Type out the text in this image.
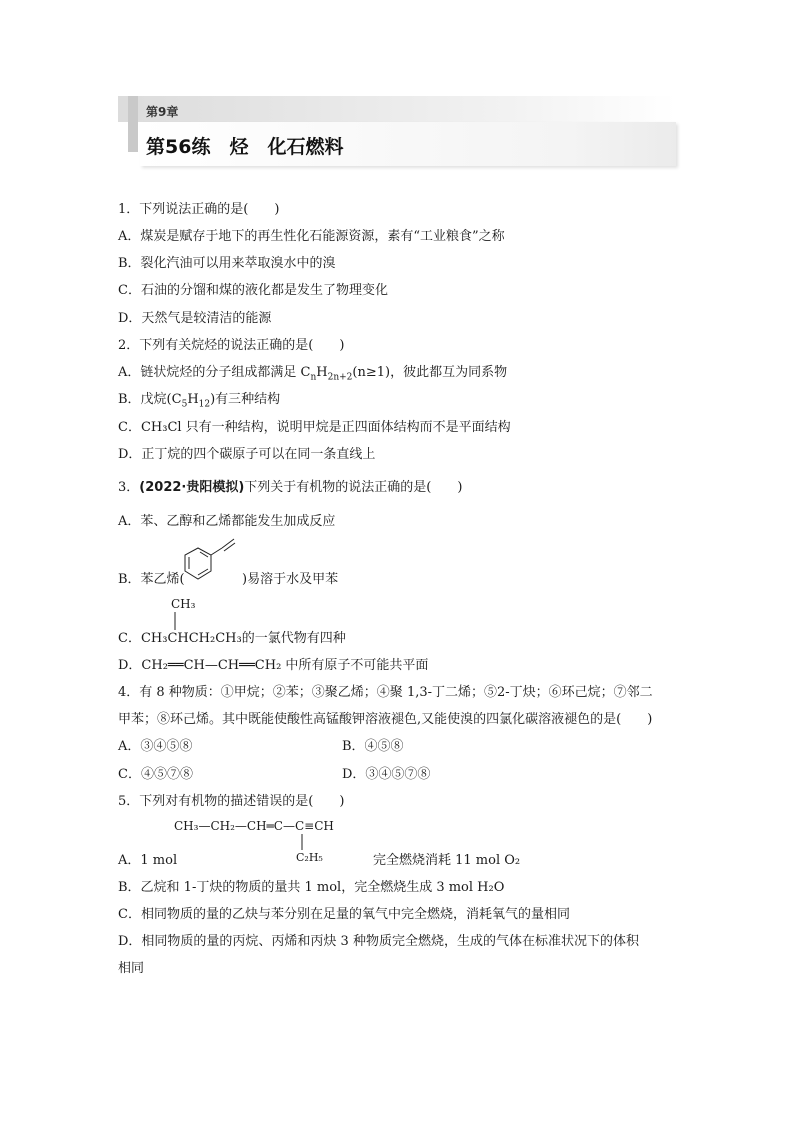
第9章
第56练　烃　化石燃料
1．下列说法正确的是(　　)
A．煤炭是赋存于地下的再生性化石能源资源，素有“工业粮食”之称
B．裂化汽油可以用来萃取溴水中的溴
C．石油的分馏和煤的液化都是发生了物理变化
D．天然气是较清洁的能源
2．下列有关烷烃的说法正确的是(　　)
A．链状烷烃的分子组成都满足 $C_nH_{2n+2}(n\ge 1)$，彼此都互为同系物
B．戊烷$(C_5H_{12})$有三种结构
C．CH₃Cl 只有一种结构，说明甲烷是正四面体结构而不是平面结构
D．正丁烷的四个碳原子可以在同一条直线上
3．(2022·贵阳模拟)下列关于有机物的说法正确的是(　　)
A．苯、乙醇和乙烯都能发生加成反应
B．苯乙烯(	)易溶于水及甲苯
CH₃
C．CH₃CHCH₂CH₃的一氯代物有四种
D．CH₂══CH—CH══CH₂ 中所有原子不可能共平面
4．有 8 种物质：①甲烷；②苯；③聚乙烯；④聚 1,3-丁二烯；⑤2-丁炔；⑥环己烷；⑦邻二
甲苯；⑧环己烯。其中既能使酸性高锰酸钾溶液褪色,又能使溴的四氯化碳溶液褪色的是(　　)
A．③④⑤⑧	B．④⑤⑧
C．④⑤⑦⑧	D．③④⑤⑦⑧
5．下列对有机物的描述错误的是(　　)
CH₃—CH₂—CH═C—C≡CH
C₂H₅
A．1 mol	完全燃烧消耗 11 mol O₂
B．乙烷和 1-丁炔的物质的量共 1 mol，完全燃烧生成 3 mol H₂O
C．相同物质的量的乙炔与苯分别在足量的氧气中完全燃烧，消耗氧气的量相同
D．相同物质的量的丙烷、丙烯和丙炔 3 种物质完全燃烧，生成的气体在标准状况下的体积
相同
